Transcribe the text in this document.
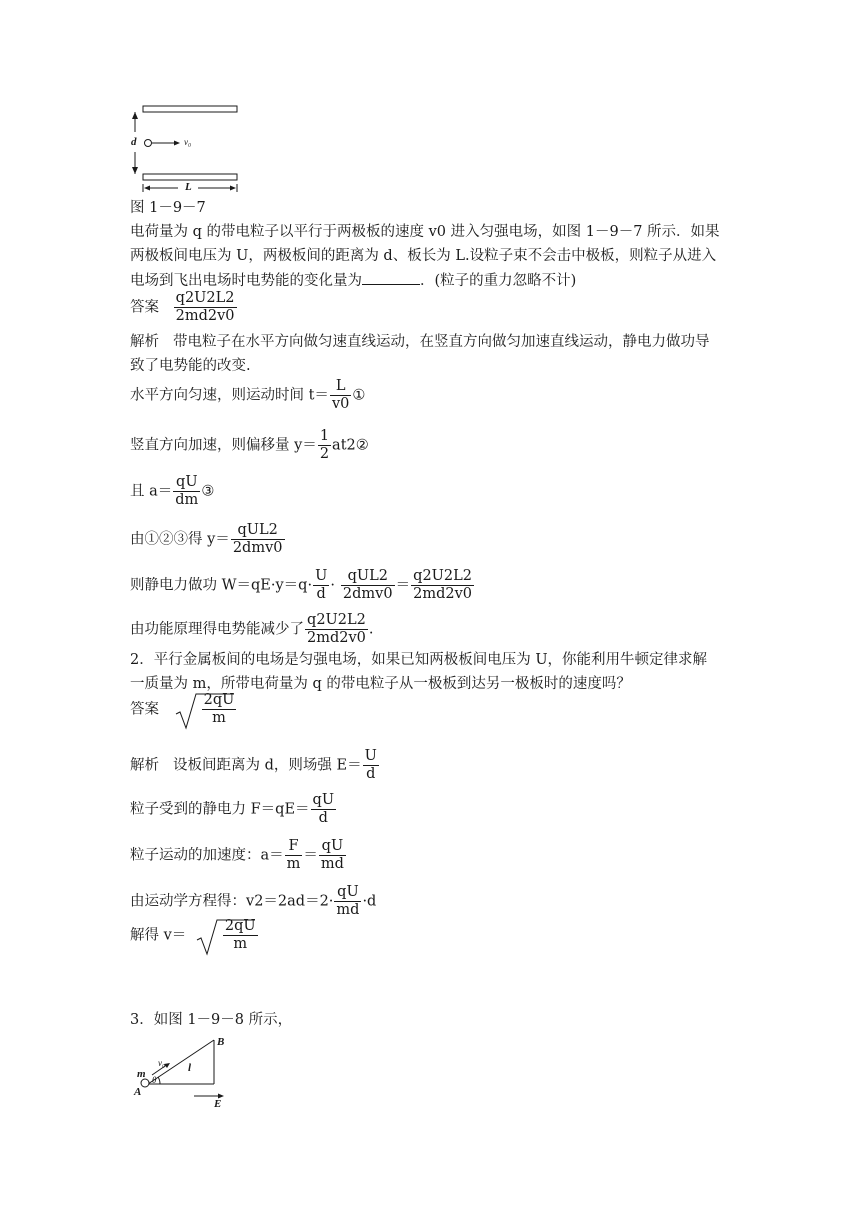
d	v₀
L
图 1－9－7
电荷量为 q 的带电粒子以平行于两极板的速度 v0 进入匀强电场，如图 1－9－7 所示．如果
两极板间电压为 U，两极板间的距离为 d、板长为 L.设粒子束不会击中极板，则粒子从进入
电场到飞出电场时电势能的变化量为	．(粒子的重力忽略不计)
答案 $\frac{q2U2L2}{2md2v0}$
解析 带电粒子在水平方向做匀速直线运动，在竖直方向做匀加速直线运动，静电力做功导
致了电势能的改变.
水平方向匀速，则运动时间 $t= \frac{L}{v0}$ ①
竖直方向加速，则偏移量 $y= \frac{1}{2}$ at2②
且 $a= \frac{qU}{dm}$ ③
由①②③得 $y= \frac{\text{qUL2}}{\text{2dmv0}}$
则静电力做功 $W=qE\cdot y=q\cdot \frac{U}{d} \cdot \frac{\text{qUL2}}{\text{2dmv0}} = \frac{q2U2L2}{2md2v0}$
由功能原理得电势能减少了 $\frac{q2U2L2}{2md2v0}$ .
2．平行金属板间的电场是匀强电场，如果已知两极板间电压为 U，你能利用牛顿定律求解
一质量为 m，所带电荷量为 q 的带电粒子从一极板到达另一极板时的速度吗？
答案	$\frac{2qU}{m}$
解析 设板间距离为 d，则场强 $E= \frac{U}{d}$
粒子受到的静电力 $F=qE= \frac{qU}{d}$
粒子运动的加速度：$a= \frac{F}{m} = \frac{qU}{md}$
由运动学方程得：$v2=2ad=2\cdot \frac{qU}{md} \cdot d$
解得 v＝	$\frac{2qU}{m}$
3．如图 1－9－8 所示，
B
A
m
v₀ l
θ
E
